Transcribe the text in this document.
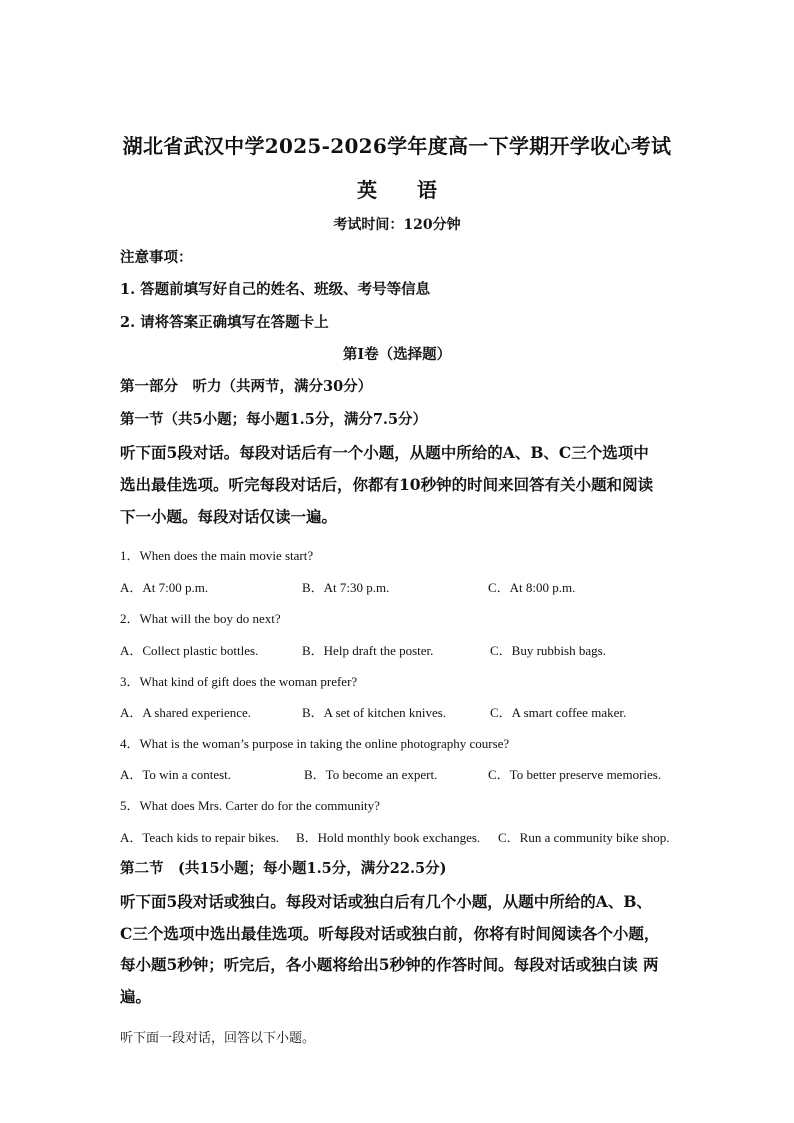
湖北省武汉中学2025-2026学年度高一下学期开学收心考试
英　　语
考试时间：120分钟
注意事项：
1. 答题前填写好自己的姓名、班级、考号等信息
2. 请将答案正确填写在答题卡上
第I卷（选择题）
第一部分　听力（共两节，满分30分）
第一节（共5小题；每小题1.5分，满分7.5分）
听下面5段对话。每段对话后有一个小题，从题中所给的A、B、C三个选项中
选出最佳选项。听完每段对话后，你都有10秒钟的时间来回答有关小题和阅读
下一小题。每段对话仅读一遍。
1．When does the main movie start?
A．At 7:00 p.m.	B．At 7:30 p.m.	C．At 8:00 p.m.
2．What will the boy do next?
A．Collect plastic bottles.	B．Help draft the poster.	C．Buy rubbish bags.
3．What kind of gift does the woman prefer?
A．A shared experience.	B．A set of kitchen knives.	C．A smart coffee maker.
4．What is the woman’s purpose in taking the online photography course?
A．To win a contest.	B．To become an expert.	C．To better preserve memories.
5．What does Mrs. Carter do for the community?
A．Teach kids to repair bikes. B．Hold monthly book exchanges. C．Run a community bike shop.
第二节　(共15小题；每小题1.5分，满分22.5分)
听下面5段对话或独白。每段对话或独白后有几个小题，从题中所给的A、B、
C三个选项中选出最佳选项。听每段对话或独白前，你将有时间阅读各个小题，
每小题5秒钟；听完后，各小题将给出5秒钟的作答时间。每段对话或独白读 两
遍。
听下面一段对话，回答以下小题。
